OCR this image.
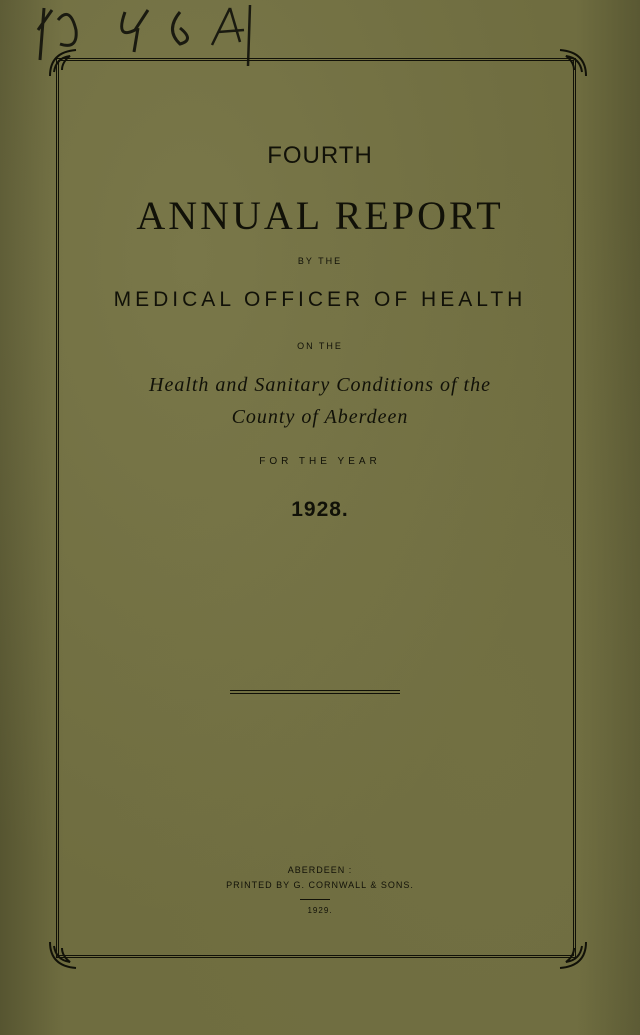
FOURTH
ANNUAL REPORT
BY THE
MEDICAL OFFICER OF HEALTH
ON THE
Health and Sanitary Conditions of the
County of Aberdeen
FOR THE YEAR
1928.
ABERDEEN :
PRINTED BY G. CORNWALL & SONS.
1929.
